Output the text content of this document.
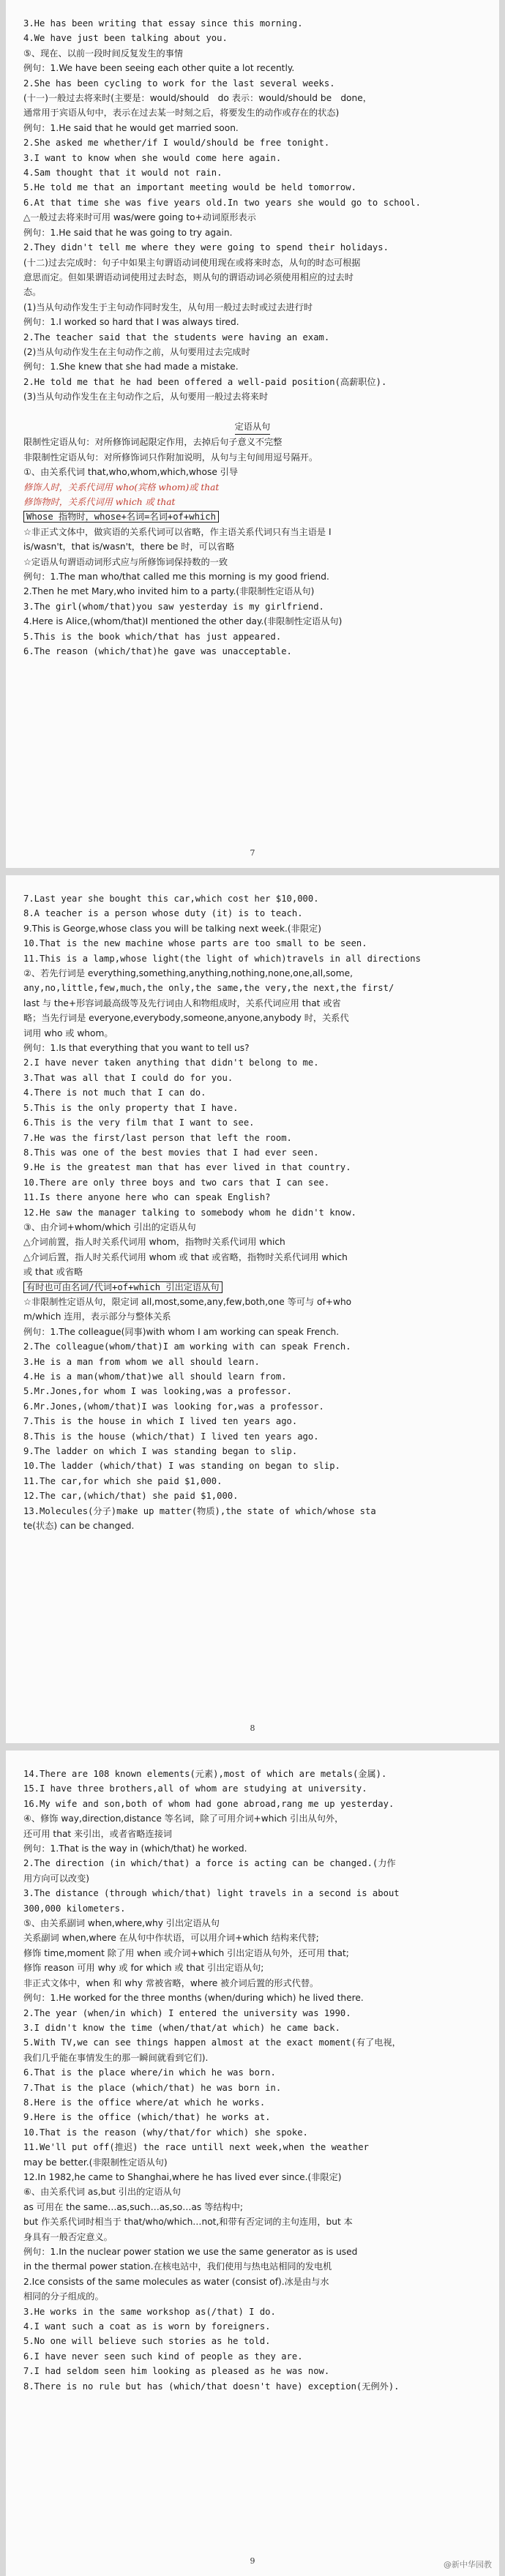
3.He has been writing that essay since this morning.
4.We have just been talking about you.
⑤、现在、以前一段时间反复发生的事情
例句：1.We have been seeing each other quite a lot recently.
2.She has been cycling to work for the last several weeks.
(十一)一般过去将来时(主要是：would/should　do 表示：would/should be　done，
通常用于宾语从句中，表示在过去某一时刻之后，将要发生的动作或存在的状态)
例句：1.He said that he would get married soon.
2.She asked me whether/if I would/should be free tonight.
3.I want to know when she would come here again.
4.Sam thought that it would not rain.
5.He told me that an important meeting would be held tomorrow.
6.At that time she was five years old.In two years she would go to school.
△一般过去将来时可用 was/were going to+动词原形表示
例句：1.He said that he was going to try again.
2.They didn't tell me where they were going to spend their holidays.
(十二)过去完成时：句子中如果主句谓语动词使用现在或将来时态，从句的时态可根据
意思而定。但如果谓语动词使用过去时态，则从句的谓语动词必须使用相应的过去时
态。
(1)当从句动作发生于主句动作同时发生，从句用一般过去时或过去进行时
例句：1.I worked so hard that I was always tired.
2.The teacher said that the students were having an exam.
(2)当从句动作发生在主句动作之前，从句要用过去完成时
例句：1.She knew that she had made a mistake.
2.He told me that he had been offered a well-paid position(高薪职位).
(3)当从句动作发生在主句动作之后，从句要用一般过去将来时

定语从句
限制性定语从句：对所修饰词起限定作用，去掉后句子意义不完整
非限制性定语从句：对所修饰词只作附加说明，从句与主句间用逗号隔开。
①、由关系代词 that,who,whom,which,whose 引导
修饰人时，关系代词用 who(宾格 whom)或 that
修饰物时，关系代词用 which 或 that
Whose 指物时，whose+名词=名词+of+which
☆非正式文体中，做宾语的关系代词可以省略，作主语关系代词只有当主语是 I
is/wasn't，that is/wasn't，there be 时，可以省略
☆定语从句谓语动词形式应与所修饰词保持数的一致
例句：1.The man who/that called me this morning is my good friend.
2.Then he met Mary,who invited him to a party.(非限制性定语从句)
3.The girl(whom/that)you saw yesterday is my girlfriend.
4.Here is Alice,(whom/that)I mentioned the other day.(非限制性定语从句)
5.This is the book which/that has just appeared.
6.The reason (which/that)he gave was unacceptable.
7
7.Last year she bought this car,which cost her $10,000.
8.A teacher is a person whose duty (it) is to teach.
9.This is George,whose class you will be talking next week.(非限定)
10.That is the new machine whose parts are too small to be seen.
11.This is a lamp,whose light(the light of which)travels in all directions
②、若先行词是 everything,something,anything,nothing,none,one,all,some,
any,no,little,few,much,the only,the same,the very,the next,the first/
last 与 the+形容词最高级等及先行词由人和物组成时，关系代词应用 that 或省
略；当先行词是 everyone,everybody,someone,anyone,anybody 时，关系代
词用 who 或 whom。
例句：1.Is that everything that you want to tell us?
2.I have never taken anything that didn't belong to me.
3.That was all that I could do for you.
4.There is not much that I can do.
5.This is the only property that I have.
6.This is the very film that I want to see.
7.He was the first/last person that left the room.
8.This was one of the best movies that I had ever seen.
9.He is the greatest man that has ever lived in that country.
10.There are only three boys and two cars that I can see.
11.Is there anyone here who can speak English?
12.He saw the manager talking to somebody whom he didn't know.
③、由介词+whom/which 引出的定语从句
△介词前置，指人时关系代词用 whom，指物时关系代词用 which
△介词后置，指人时关系代词用 whom 或 that 或省略，指物时关系代词用 which
或 that 或省略
有时也可由名词/代词+of+which 引出定语从句
☆非限制性定语从句，限定词 all,most,some,any,few,both,one 等可与 of+who
m/which 连用，表示部分与整体关系
例句：1.The colleague(同事)with whom I am working can speak French.
2.The colleague(whom/that)I am working with can speak French.
3.He is a man from whom we all should learn.
4.He is a man(whom/that)we all should learn from.
5.Mr.Jones,for whom I was looking,was a professor.
6.Mr.Jones,(whom/that)I was looking for,was a professor.
7.This is the house in which I lived ten years ago.
8.This is the house (which/that) I lived ten years ago.
9.The ladder on which I was standing began to slip.
10.The ladder (which/that) I was standing on began to slip.
11.The car,for which she paid $1,000.
12.The car,(which/that) she paid $1,000.
13.Molecules(分子)make up matter(物质),the state of which/whose sta
te(状态) can be changed.
8
14.There are 108 known elements(元素),most of which are metals(金属).
15.I have three brothers,all of whom are studying at university.
16.My wife and son,both of whom had gone abroad,rang me up yesterday.
④、修饰 way,direction,distance 等名词，除了可用介词+which 引出从句外，
还可用 that 来引出，或者省略连接词
例句：1.That is the way in (which/that) he worked.
2.The direction (in which/that) a force is acting can be changed.(力作
用方向可以改变)
3.The distance (through which/that) light travels in a second is about
300,000 kilometers.
⑤、由关系副词 when,where,why 引出定语从句
关系副词 when,where 在从句中作状语，可以用介词+which 结构来代替;
修饰 time,moment 除了用 when 或介词+which 引出定语从句外，还可用 that;
修饰 reason 可用 why 或 for which 或 that 引出定语从句;
非正式文体中，when 和 why 常被省略，where 被介词后置的形式代替。
例句：1.He worked for the three months (when/during which) he lived there.
2.The year (when/in which) I entered the university was 1990.
3.I didn't know the time (when/that/at which) he came back.
5.With TV,we can see things happen almost at the exact moment(有了电视，
我们几乎能在事情发生的那一瞬间就看到它们).
6.That is the place where/in which he was born.
7.That is the place (which/that) he was born in.
8.Here is the office where/at which he works.
9.Here is the office (which/that) he works at.
10.That is the reason (why/that/for which) she spoke.
11.We'll put off(推迟) the race untill next week,when the weather
may be better.(非限制性定语从句)
12.In 1982,he came to Shanghai,where he has lived ever since.(非限定)
⑥、由关系代词 as,but 引出的定语从句
as 可用在 the same…as,such…as,so…as 等结构中;
but 作关系代词时相当于 that/who/which…not,和带有否定词的主句连用，but 本
身具有一般否定意义。
例句：1.In the nuclear power station we use the same generator as is used
in the thermal power station.在核电站中，我们使用与热电站相同的发电机
2.Ice consists of the same molecules as water (consist of).冰是由与水
相同的分子组成的。
3.He works in the same workshop as(/that) I do.
4.I want such a coat as is worn by foreigners.
5.No one will believe such stories as he told.
6.I have never seen such kind of people as they are.
7.I had seldom seen him looking as pleased as he was now.
8.There is no rule but has (which/that doesn't have) exception(无例外).
9	@新中华园教
